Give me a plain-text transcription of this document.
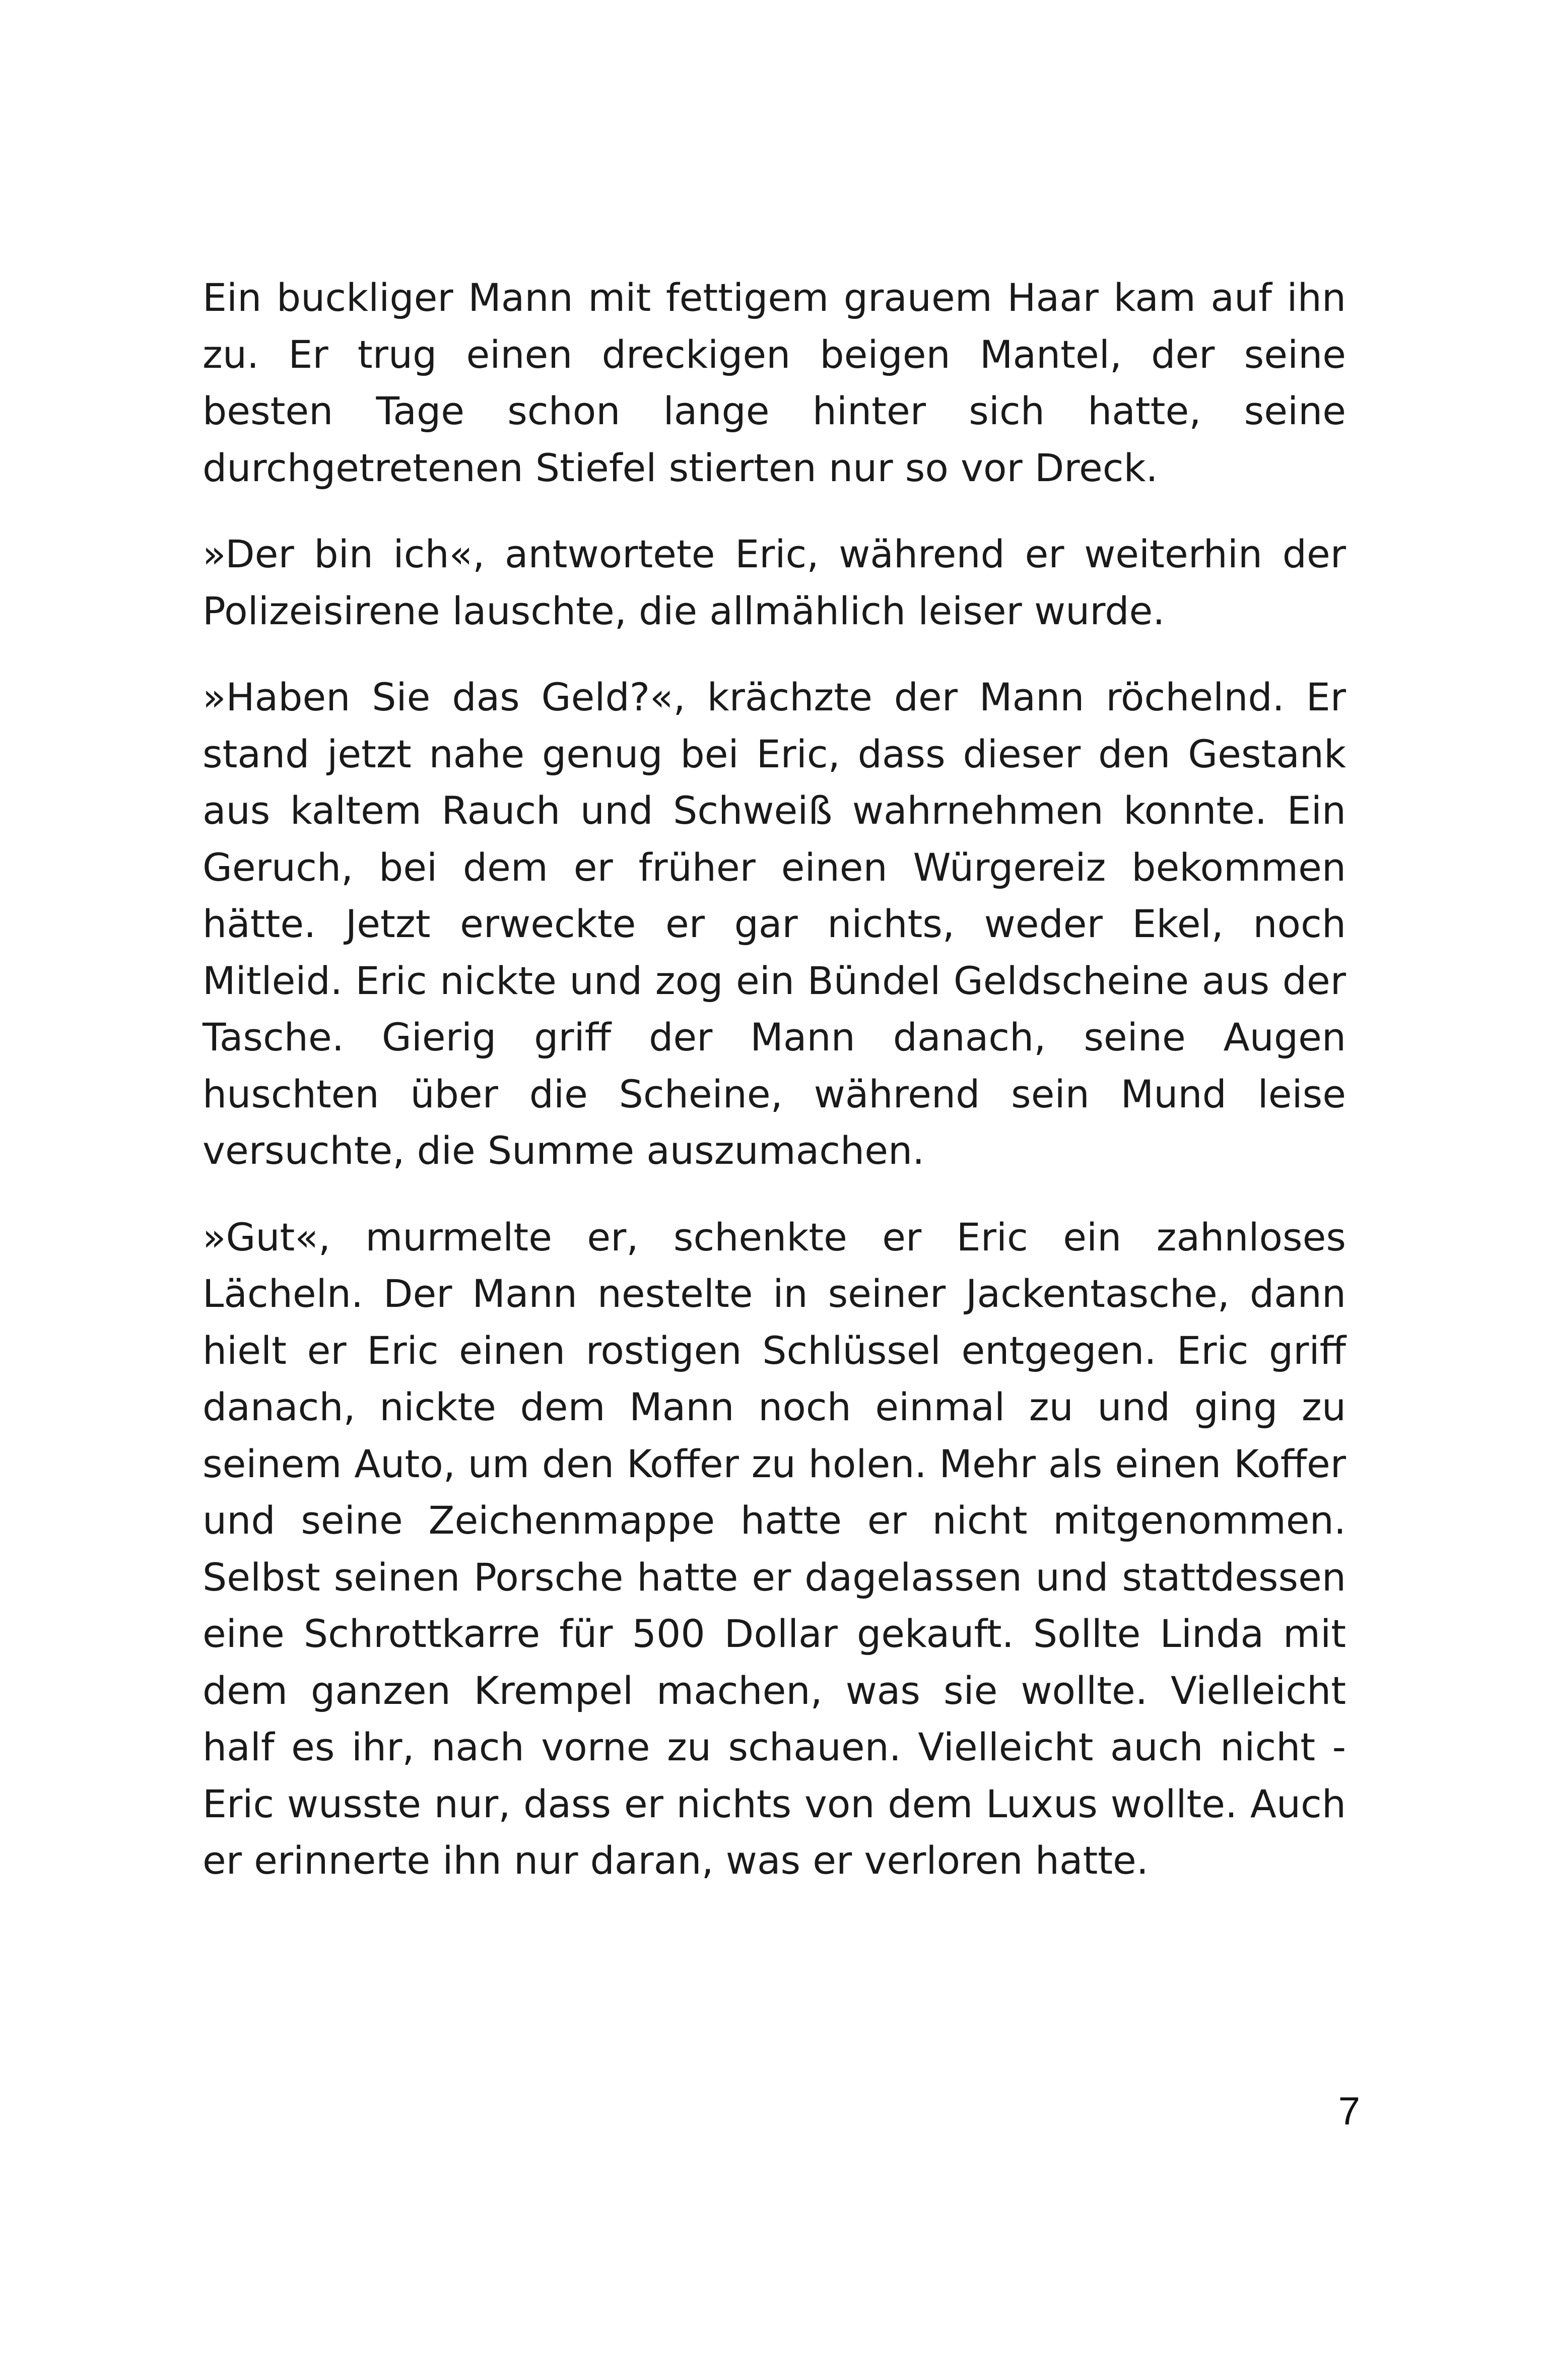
Ein buckliger Mann mit fettigem grauem Haar kam auf ihn zu. Er trug einen dreckigen beigen Mantel, der seine besten Tage schon lange hinter sich hatte, seine durchgetretenen Stiefel stierten nur so vor Dreck.

»Der bin ich«, antwortete Eric, während er weiterhin der Polizeisirene lauschte, die allmählich leiser wurde.

»Haben Sie das Geld?«, krächzte der Mann röchelnd. Er stand jetzt nahe genug bei Eric, dass dieser den Gestank aus kaltem Rauch und Schweiß wahrnehmen konnte. Ein Geruch, bei dem er früher einen Würgereiz bekommen hätte. Jetzt erweckte er gar nichts, weder Ekel, noch Mitleid. Eric nickte und zog ein Bündel Geldscheine aus der Tasche. Gierig griff der Mann danach, seine Augen huschten über die Scheine, während sein Mund leise versuchte, die Summe auszumachen.

»Gut«, murmelte er, schenkte er Eric ein zahnloses Lächeln. Der Mann nestelte in seiner Jackentasche, dann hielt er Eric einen rostigen Schlüssel entgegen. Eric griff danach, nickte dem Mann noch einmal zu und ging zu seinem Auto, um den Koffer zu holen. Mehr als einen Koffer und seine Zeichenmappe hatte er nicht mitgenommen. Selbst seinen Porsche hatte er dagelassen und stattdessen eine Schrottkarre für 500 Dollar gekauft. Sollte Linda mit dem ganzen Krempel machen, was sie wollte. Vielleicht half es ihr, nach vorne zu schauen. Vielleicht auch nicht - Eric wusste nur, dass er nichts von dem Luxus wollte. Auch er erinnerte ihn nur daran, was er verloren hatte.

7
